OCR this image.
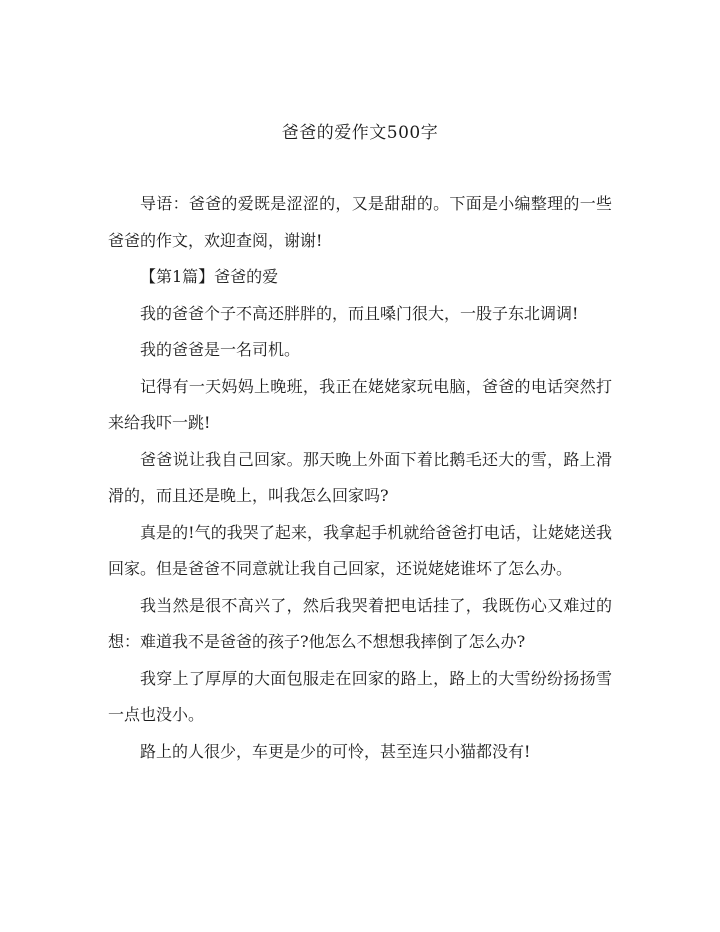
爸爸的爱作文500字

导语：爸爸的爱既是涩涩的，又是甜甜的。下面是小编整理的一些爸爸的作文，欢迎查阅，谢谢!

【第1篇】爸爸的爱

我的爸爸个子不高还胖胖的，而且嗓门很大，一股子东北调调!

我的爸爸是一名司机。

记得有一天妈妈上晚班，我正在姥姥家玩电脑，爸爸的电话突然打来给我吓一跳!

爸爸说让我自己回家。那天晚上外面下着比鹅毛还大的雪，路上滑滑的，而且还是晚上，叫我怎么回家吗?

真是的!气的我哭了起来，我拿起手机就给爸爸打电话，让姥姥送我回家。但是爸爸不同意就让我自己回家，还说姥姥谁坏了怎么办。

我当然是很不高兴了，然后我哭着把电话挂了，我既伤心又难过的想：难道我不是爸爸的孩子?他怎么不想想我摔倒了怎么办?

我穿上了厚厚的大面包服走在回家的路上，路上的大雪纷纷扬扬雪一点也没小。

路上的人很少，车更是少的可怜，甚至连只小猫都没有!
